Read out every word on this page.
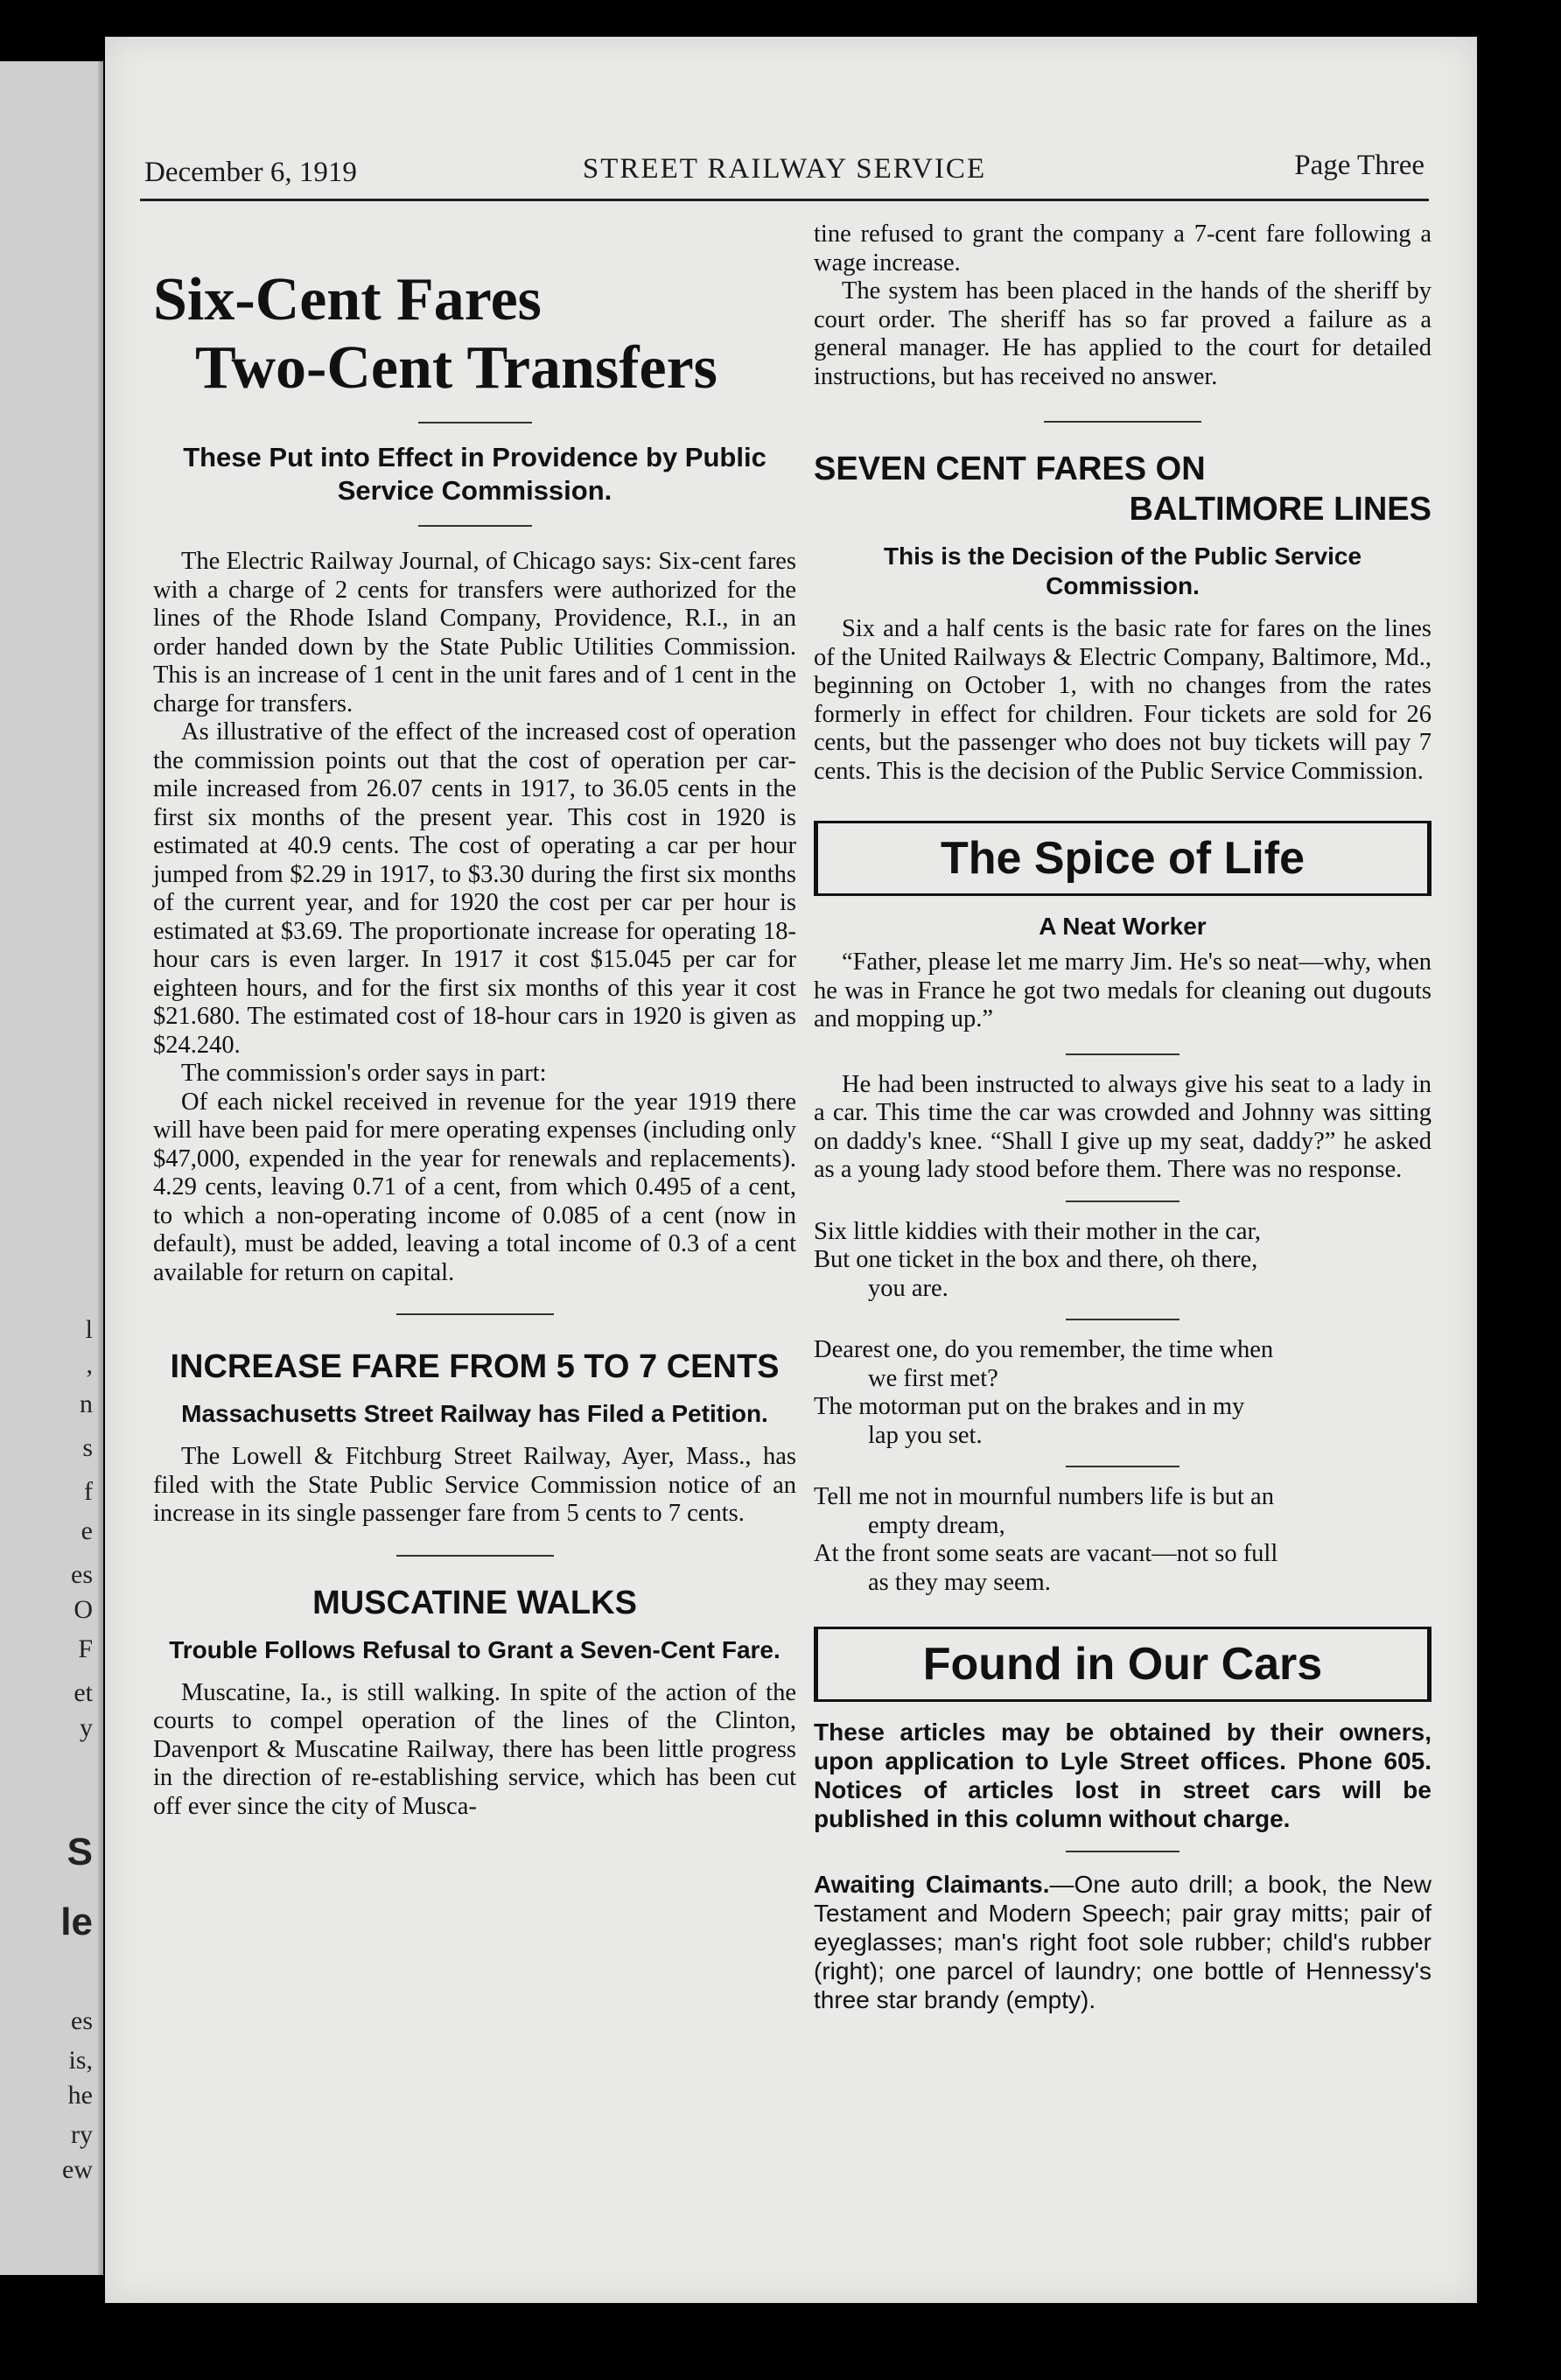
l
,
n
s
f
e
es
O
F
et
y
S
le
es
is,
he
ry
ew
December 6, 1919	STREET RAILWAY SERVICE	Page Three
Six-Cent Fares
Two-Cent Transfers

These Put into Effect in Providence by Public Service Commission.

The Electric Railway Journal, of Chicago says: Six-cent fares with a charge of 2 cents for transfers were authorized for the lines of the Rhode Island Company, Providence, R.I., in an order handed down by the State Public Utilities Commission. This is an increase of 1 cent in the unit fares and of 1 cent in the charge for transfers.

As illustrative of the effect of the increased cost of operation the commission points out that the cost of operation per car-mile increased from 26.07 cents in 1917, to 36.05 cents in the first six months of the present year. This cost in 1920 is estimated at 40.9 cents. The cost of operating a car per hour jumped from $2.29 in 1917, to $3.30 during the first six months of the current year, and for 1920 the cost per car per hour is estimated at $3.69. The proportionate increase for operating 18-hour cars is even larger. In 1917 it cost $15.045 per car for eighteen hours, and for the first six months of this year it cost $21.680. The estimated cost of 18-hour cars in 1920 is given as $24.240.

The commission's order says in part:

Of each nickel received in revenue for the year 1919 there will have been paid for mere operating expenses (including only $47,000, expended in the year for renewals and replacements). 4.29 cents, leaving 0.71 of a cent, from which 0.495 of a cent, to which a non-operating income of 0.085 of a cent (now in default), must be added, leaving a total income of 0.3 of a cent available for return on capital.

INCREASE FARE FROM 5 TO 7 CENTS

Massachusetts Street Railway has Filed a Petition.

The Lowell & Fitchburg Street Railway, Ayer, Mass., has filed with the State Public Service Commission notice of an increase in its single passenger fare from 5 cents to 7 cents.

MUSCATINE WALKS

Trouble Follows Refusal to Grant a Seven-Cent Fare.

Muscatine, Ia., is still walking. In spite of the action of the courts to compel operation of the lines of the Clinton, Davenport & Muscatine Railway, there has been little progress in the direction of re-establishing service, which has been cut off ever since the city of Musca-

tine refused to grant the company a 7-cent fare following a wage increase.

The system has been placed in the hands of the sheriff by court order. The sheriff has so far proved a failure as a general manager. He has applied to the court for detailed instructions, but has received no answer.

SEVEN CENT FARES ON
BALTIMORE LINES

This is the Decision of the Public Service Commission.

Six and a half cents is the basic rate for fares on the lines of the United Railways & Electric Company, Baltimore, Md., beginning on October 1, with no changes from the rates formerly in effect for children. Four tickets are sold for 26 cents, but the passenger who does not buy tickets will pay 7 cents. This is the decision of the Public Service Commission.

The Spice of Life

A Neat Worker

“Father, please let me marry Jim. He's so neat—why, when he was in France he got two medals for cleaning out dugouts and mopping up.”

He had been instructed to always give his seat to a lady in a car. This time the car was crowded and Johnny was sitting on daddy's knee. “Shall I give up my seat, daddy?” he asked as a young lady stood before them. There was no response.

Six little kiddies with their mother in the car,

But one ticket in the box and there, oh there,

you are.

Dearest one, do you remember, the time when

we first met?

The motorman put on the brakes and in my

lap you set.

Tell me not in mournful numbers life is but an

empty dream,

At the front some seats are vacant—not so full

as they may seem.

Found in Our Cars

These articles may be obtained by their owners, upon application to Lyle Street offices. Phone 605. Notices of articles lost in street cars will be published in this column without charge.

Awaiting Claimants.—One auto drill; a book, the New Testament and Modern Speech; pair gray mitts; pair of eyeglasses; man's right foot sole rubber; child's rubber (right); one parcel of laundry; one bottle of Hennessy's three star brandy (empty).
